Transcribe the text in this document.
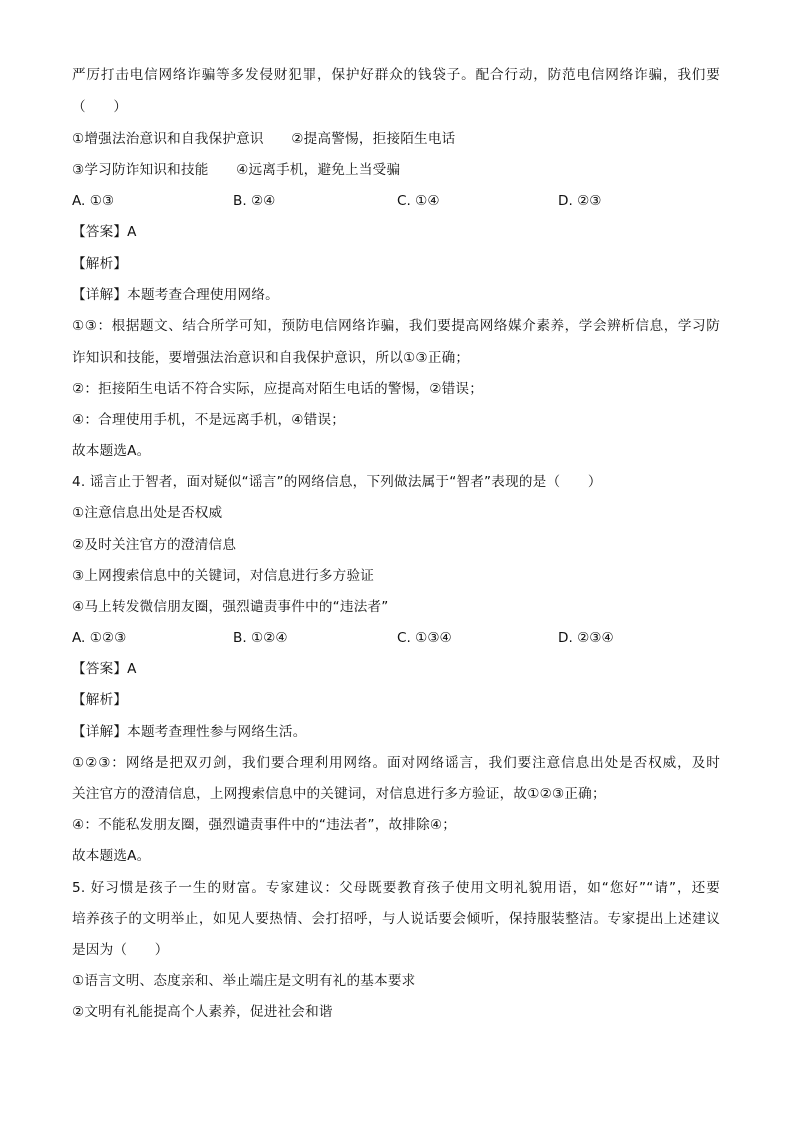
严厉打击电信网络诈骗等多发侵财犯罪，保护好群众的钱袋子。配合行动，防范电信网络诈骗，我们要

（　　）

①增强法治意识和自我保护意识　　②提高警惕，拒接陌生电话

③学习防诈知识和技能　　④远离手机，避免上当受骗

A. ①③	B. ②④	C. ①④	D. ②③

【答案】A

【解析】

【详解】本题考查合理使用网络。

①③：根据题文、结合所学可知，预防电信网络诈骗，我们要提高网络媒介素养，学会辨析信息，学习防

诈知识和技能，要增强法治意识和自我保护意识，所以①③正确；

②：拒接陌生电话不符合实际，应提高对陌生电话的警惕，②错误；

④：合理使用手机，不是远离手机，④错误；

故本题选A。

4. 谣言止于智者，面对疑似“谣言”的网络信息，下列做法属于“智者”表现的是（　　）

①注意信息出处是否权威

②及时关注官方的澄清信息

③上网搜索信息中的关键词，对信息进行多方验证

④马上转发微信朋友圈，强烈谴责事件中的“违法者”

A. ①②③	B. ①②④	C. ①③④	D. ②③④

【答案】A

【解析】

【详解】本题考查理性参与网络生活。

①②③：网络是把双刃剑，我们要合理利用网络。面对网络谣言，我们要注意信息出处是否权威，及时

关注官方的澄清信息，上网搜索信息中的关键词，对信息进行多方验证，故①②③正确；

④：不能私发朋友圈，强烈谴责事件中的“违法者”，故排除④；

故本题选A。

5. 好习惯是孩子一生的财富。专家建议：父母既要教育孩子使用文明礼貌用语，如“您好”“请”，还要

培养孩子的文明举止，如见人要热情、会打招呼，与人说话要会倾听，保持服装整洁。专家提出上述建议

是因为（　　）

①语言文明、态度亲和、举止端庄是文明有礼的基本要求

②文明有礼能提高个人素养，促进社会和谐
